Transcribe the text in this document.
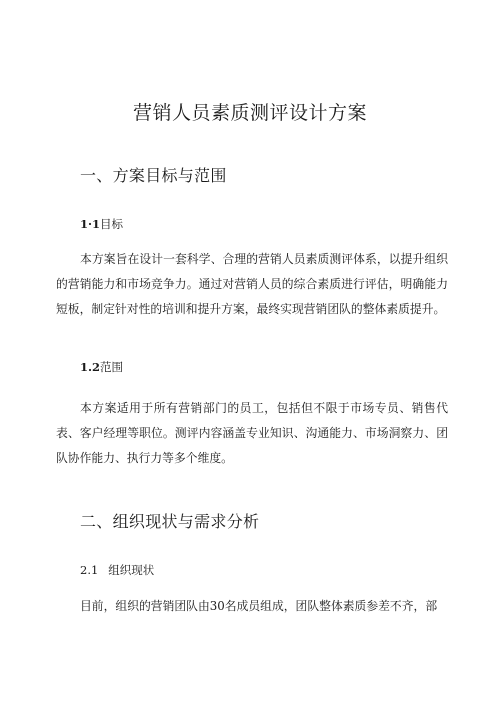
营销人员素质测评设计方案
一、方案目标与范围
1·1目标

本方案旨在设计一套科学、合理的营销人员素质测评体系，以提升组织的营销能力和市场竞争力。通过对营销人员的综合素质进行评估，明确能力短板，制定针对性的培训和提升方案，最终实现营销团队的整体素质提升。

1.2范围

本方案适用于所有营销部门的员工，包括但不限于市场专员、销售代表、客户经理等职位。测评内容涵盖专业知识、沟通能力、市场洞察力、团队协作能力、执行力等多个维度。

二、组织现状与需求分析
2.1 组织现状

目前，组织的营销团队由30名成员组成，团队整体素质参差不齐，部
